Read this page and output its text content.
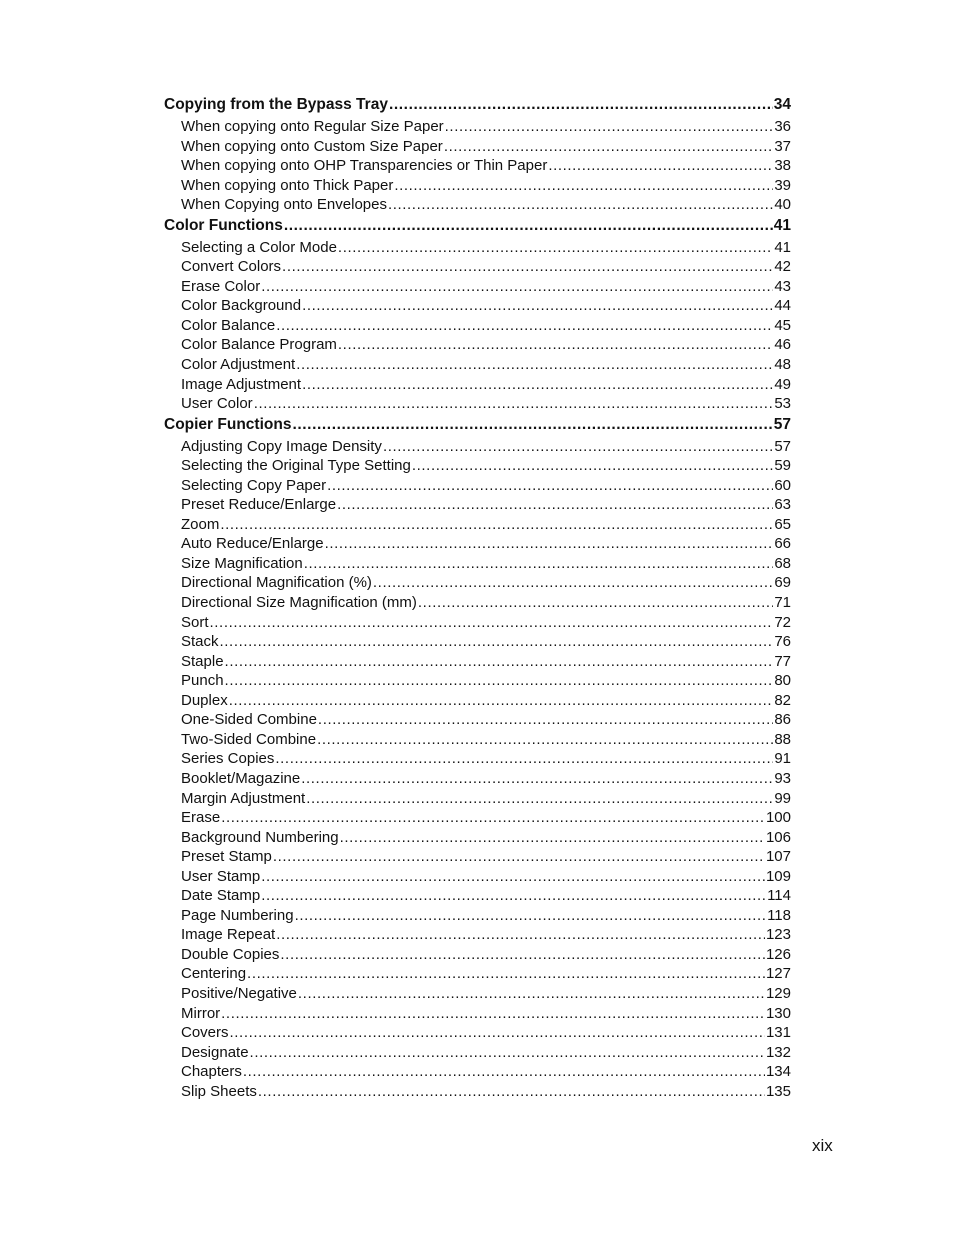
Copying from the Bypass Tray .....	34
When copying onto Regular Size Paper .....	36
When copying onto Custom Size Paper .....	37
When copying onto OHP Transparencies or Thin Paper .....	38
When copying onto Thick Paper .....	39
When Copying onto Envelopes .....	40
Color Functions .....	41
Selecting a Color Mode .....	41
Convert Colors .....	42
Erase Color .....	43
Color Background .....	44
Color Balance .....	45
Color Balance Program .....	46
Color Adjustment .....	48
Image Adjustment .....	49
User Color .....	53
Copier Functions .....	57
Adjusting Copy Image Density .....	57
Selecting the Original Type Setting .....	59
Selecting Copy Paper .....	60
Preset Reduce/Enlarge .....	63
Zoom .....	65
Auto Reduce/Enlarge .....	66
Size Magnification .....	68
Directional Magnification (%) .....	69
Directional Size Magnification (mm) .....	71
Sort .....	72
Stack .....	76
Staple .....	77
Punch .....	80
Duplex .....	82
One-Sided Combine .....	86
Two-Sided Combine .....	88
Series Copies .....	91
Booklet/Magazine .....	93
Margin Adjustment .....	99
Erase .....	100
Background Numbering .....	106
Preset Stamp .....	107
User Stamp .....	109
Date Stamp .....	114
Page Numbering .....	118
Image Repeat .....	123
Double Copies .....	126
Centering .....	127
Positive/Negative .....	129
Mirror .....	130
Covers .....	131
Designate .....	132
Chapters .....	134
Slip Sheets .....	135
xix
